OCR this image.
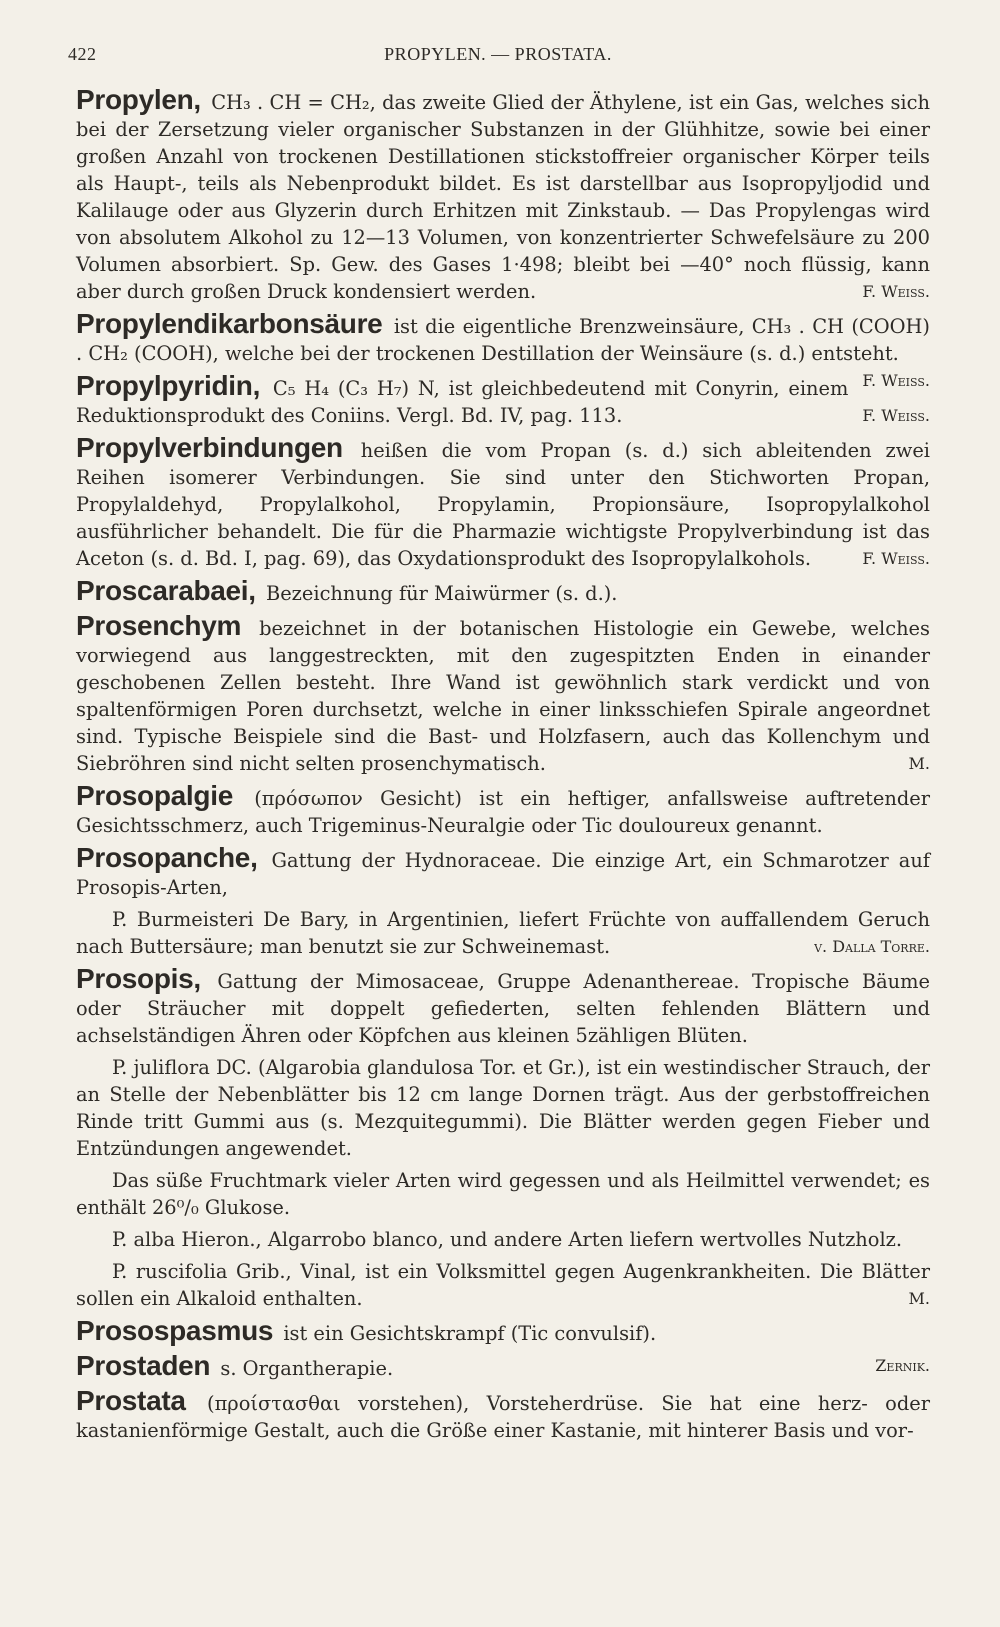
422	PROPYLEN. — PROSTATA.

Propylen, CH₃ . CH = CH₂, das zweite Glied der Äthylene, ist ein Gas, welches sich bei der Zersetzung vieler organischer Substanzen in der Glühhitze, sowie bei einer großen Anzahl von trockenen Destillationen stickstoffreier organischer Körper teils als Haupt-, teils als Nebenprodukt bildet. Es ist darstellbar aus Isopropyljodid und Kalilauge oder aus Glyzerin durch Erhitzen mit Zinkstaub. — Das Propylengas wird von absolutem Alkohol zu 12—13 Volumen, von konzentrierter Schwefelsäure zu 200 Volumen absorbiert. Sp. Gew. des Gases 1·498; bleibt bei —40° noch flüssig, kann aber durch großen Druck kondensiert werden.	F. Weiss.

Propylendikarbonsäure ist die eigentliche Brenzweinsäure, CH₃ . CH (COOH) . CH₂ (COOH), welche bei der trockenen Destillation der Weinsäure (s. d.) entsteht.
F. Weiss.

Propylpyridin, C₅ H₄ (C₃ H₇) N, ist gleichbedeutend mit Conyrin, einem Reduktionsprodukt des Coniins. Vergl. Bd. IV, pag. 113.	F. Weiss.

Propylverbindungen heißen die vom Propan (s. d.) sich ableitenden zwei Reihen isomerer Verbindungen. Sie sind unter den Stichworten Propan, Propylaldehyd, Propylalkohol, Propylamin, Propionsäure, Isopropylalkohol ausführlicher behandelt. Die für die Pharmazie wichtigste Propylverbindung ist das Aceton (s. d. Bd. I, pag. 69), das Oxydationsprodukt des Isopropylalkohols.	F. Weiss.

Proscarabaei, Bezeichnung für Maiwürmer (s. d.).

Prosenchym bezeichnet in der botanischen Histologie ein Gewebe, welches vorwiegend aus langgestreckten, mit den zugespitzten Enden in einander geschobenen Zellen besteht. Ihre Wand ist gewöhnlich stark verdickt und von spaltenförmigen Poren durchsetzt, welche in einer linksschiefen Spirale angeordnet sind. Typische Beispiele sind die Bast- und Holzfasern, auch das Kollenchym und Siebröhren sind nicht selten prosenchymatisch.	M.

Prosopalgie (πρόσωπον Gesicht) ist ein heftiger, anfallsweise auftretender Gesichtsschmerz, auch Trigeminus-Neuralgie oder Tic douloureux genannt.

Prosopanche, Gattung der Hydnoraceae. Die einzige Art, ein Schmarotzer auf Prosopis-Arten,

P. Burmeisteri De Bary, in Argentinien, liefert Früchte von auffallendem Geruch nach Buttersäure; man benutzt sie zur Schweinemast.	v. Dalla Torre.

Prosopis, Gattung der Mimosaceae, Gruppe Adenanthereae. Tropische Bäume oder Sträucher mit doppelt gefiederten, selten fehlenden Blättern und achselständigen Ähren oder Köpfchen aus kleinen 5zähligen Blüten.

P. juliflora DC. (Algarobia glandulosa Tor. et Gr.), ist ein westindischer Strauch, der an Stelle der Nebenblätter bis 12 cm lange Dornen trägt. Aus der gerbstoffreichen Rinde tritt Gummi aus (s. Mezquitegummi). Die Blätter werden gegen Fieber und Entzündungen angewendet.

Das süße Fruchtmark vieler Arten wird gegessen und als Heilmittel verwendet; es enthält 26⁰/₀ Glukose.

P. alba Hieron., Algarrobo blanco, und andere Arten liefern wertvolles Nutzholz.

P. ruscifolia Grib., Vinal, ist ein Volksmittel gegen Augenkrankheiten. Die Blätter sollen ein Alkaloid enthalten.	M.

Prosospasmus ist ein Gesichtskrampf (Tic convulsif).

Prostaden s. Organtherapie.	Zernik.

Prostata (προίστασθαι vorstehen), Vorsteherdrüse. Sie hat eine herz- oder kastanienförmige Gestalt, auch die Größe einer Kastanie, mit hinterer Basis und vor-
